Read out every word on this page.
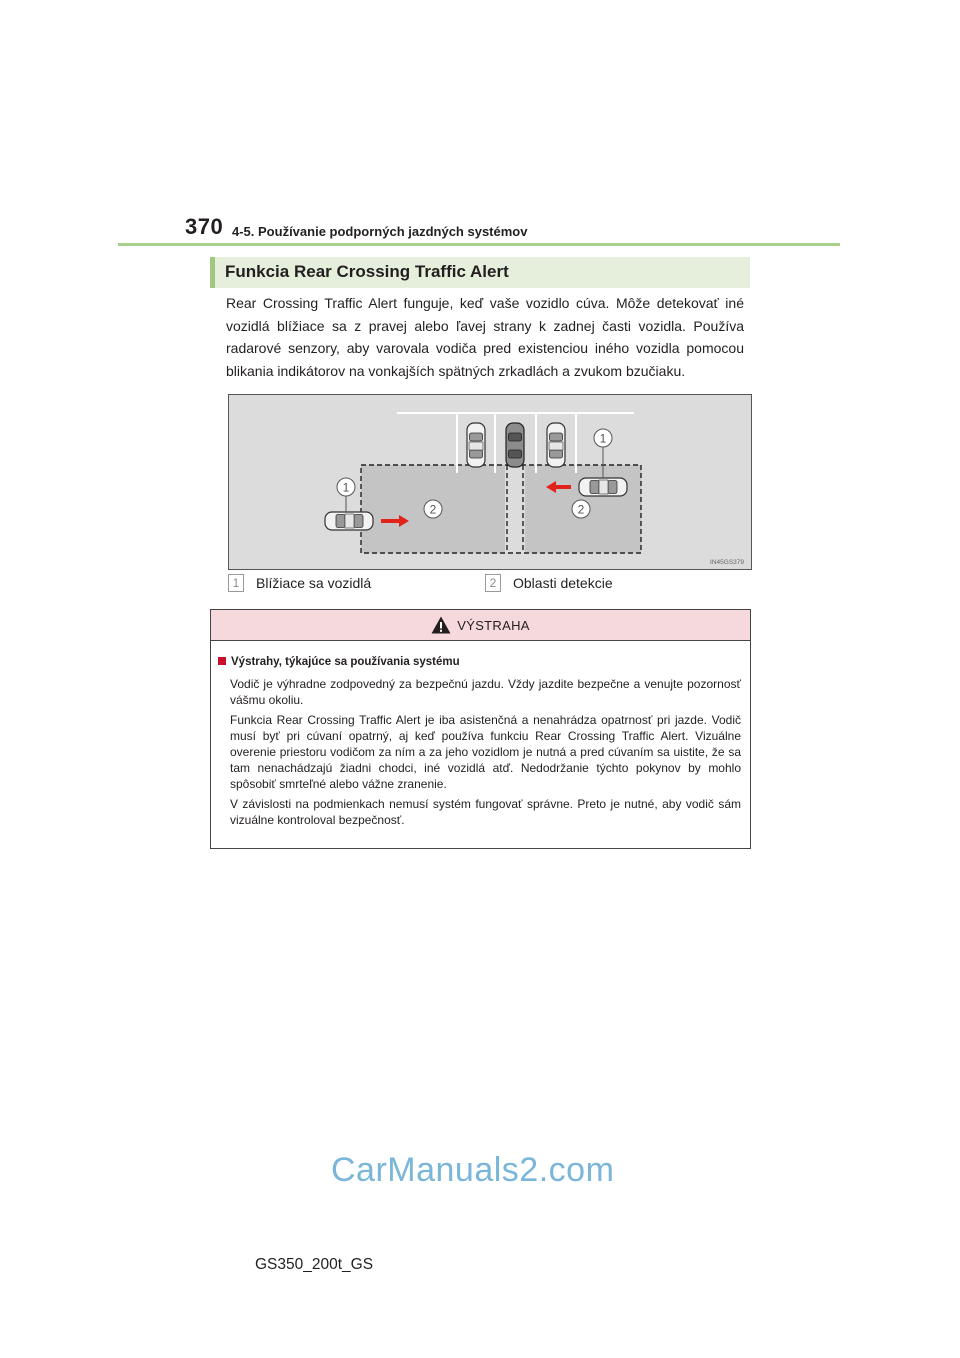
370 4-5. Používanie podporných jazdných systémov
Funkcia Rear Crossing Traffic Alert
Rear Crossing Traffic Alert funguje, keď vaše vozidlo cúva. Môže detekovať iné vozidlá blížiace sa z pravej alebo ľavej strany k zadnej časti vozidla. Používa radarové senzory, aby varovala vodiča pred existenciou iného vozidla pomocou blikania indikátorov na vonkajších spätných zrkadlách a zvukom bzučiaku.
1
1
2	2
IN45GS379
1	Blížiace sa vozidlá	2	Oblasti detekcie
VÝSTRAHA
Výstrahy, týkajúce sa používania systému
Vodič je výhradne zodpovedný za bezpečnú jazdu. Vždy jazdite bezpečne a venujte pozornosť vášmu okoliu.
Funkcia Rear Crossing Traffic Alert je iba asistenčná a nenahrádza opatrnosť pri jazde. Vodič musí byť pri cúvaní opatrný, aj keď používa funkciu Rear Crossing Traffic Alert. Vizuálne overenie priestoru vodičom za ním a za jeho vozidlom je nutná a pred cúvaním sa uistite, že sa tam nenachádzajú žiadni chodci, iné vozidlá atď. Nedodržanie týchto pokynov by mohlo spôsobiť smrteľné alebo vážne zranenie.
V závislosti na podmienkach nemusí systém fungovať správne. Preto je nutné, aby vodič sám vizuálne kontroloval bezpečnosť.
CarManuals2.com
GS350_200t_GS
